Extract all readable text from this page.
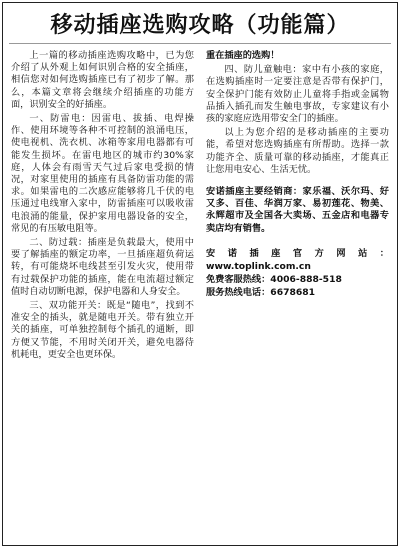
移动插座选购攻略（功能篇）

上一篇的移动插座选购攻略中，已为您介绍了从外观上如何识别合格的安全插座，相信您对如何选购插座已有了初步了解。那么，本篇文章将会继续介绍插座的功能方面，识别安全的好插座。

一、防雷电：因雷电、拔插、电焊操作、使用环境等各种不可控制的浪涌电压，使电视机、洗衣机、冰箱等家用电器都有可能发生损坏。在雷电地区的城市约30%家庭，人体会有雨雪天气过后家电受损的情况，对家里使用的插座有具备防雷功能的需求。如果雷电的二次感应能够将几千伏的电压通过电线窜入家中，防雷插座可以吸收雷电浪涌的能量，保护家用电器设备的安全，常见的有压敏电阻等。

二、防过载：插座是负载最大，使用中要了解插座的额定功率，一旦插座超负荷运转，有可能烧坏电线甚至引发火灾，使用带有过载保护功能的插座，能在电流超过额定值时自动切断电源，保护电器和人身安全。

三、双功能开关：既是“随电”，找到不准安全的插头，就是随电开关。带有独立开关的插座，可单独控制每个插孔的通断，即方便又节能，不用时关闭开关，避免电器待机耗电，更安全也更环保。

重在插座的选购！

四、防儿童触电：家中有小孩的家庭，在选购插座时一定要注意是否带有保护门，安全保护门能有效防止儿童将手指或金属物品插入插孔而发生触电事故，专家建议有小孩的家庭应选用带安全门的插座。

以上为您介绍的是移动插座的主要功能，希望对您选购插座有所帮助。选择一款功能齐全、质量可靠的移动插座，才能真正让您用电安心、生活无忧。

安诺插座主要经销商：家乐福、沃尔玛、好又多、百佳、华润万家、易初莲花、物美、永辉超市及全国各大卖场、五金店和电器专卖店均有销售。

安诺插座官方网站：www.toplink.com.cn
免费客服热线：4006-888-518
服务热线电话：6678681
